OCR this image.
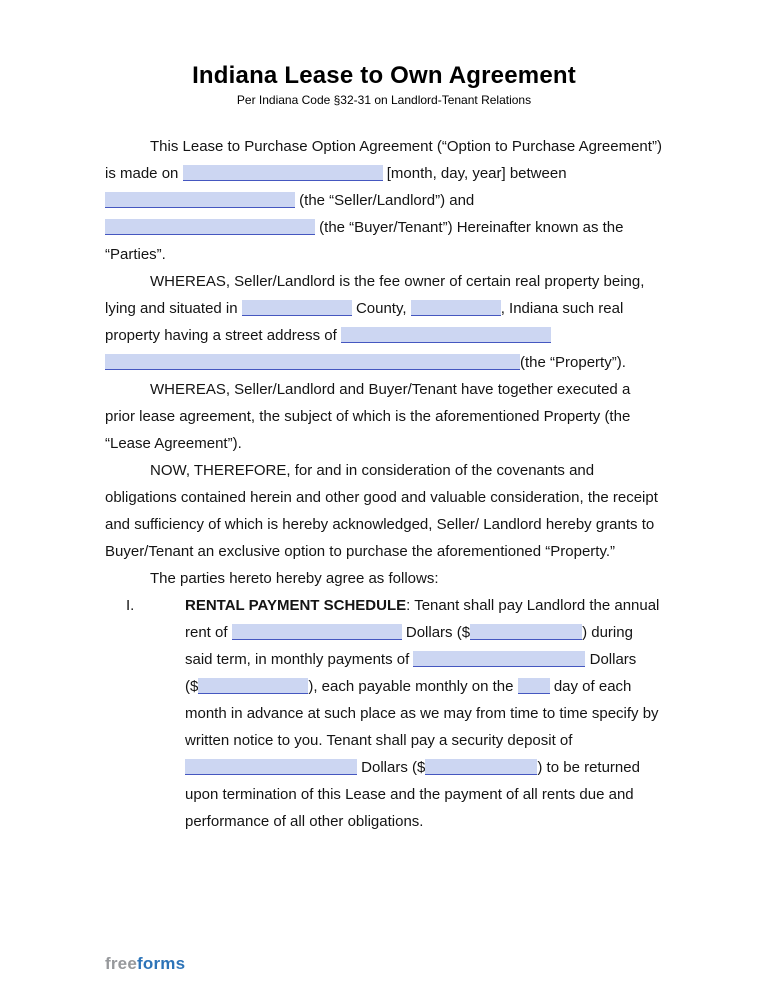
Indiana Lease to Own Agreement
Per Indiana Code §32-31 on Landlord-Tenant Relations

This Lease to Purchase Option Agreement (“Option to Purchase Agreement”) is made on	[month, day, year] between  (the “Seller/Landlord”) and  (the “Buyer/Tenant”) Hereinafter known as the “Parties”.

WHEREAS, Seller/Landlord is the fee owner of certain real property being, lying and situated in	County,	, Indiana such real property having a street address of  (the “Property”).

WHEREAS, Seller/Landlord and Buyer/Tenant have together executed a prior lease agreement, the subject of which is the aforementioned Property (the “Lease Agreement”).

NOW, THEREFORE, for and in consideration of the covenants and obligations contained herein and other good and valuable consideration, the receipt and sufficiency of which is hereby acknowledged, Seller/ Landlord hereby grants to Buyer/Tenant an exclusive option to purchase the aforementioned “Property.”

The parties hereto hereby agree as follows:

I.	RENTAL PAYMENT SCHEDULE: Tenant shall pay Landlord the annual rent of	Dollars ($	) during said term, in monthly payments of	Dollars ($	), each payable monthly on the	day of each month in advance at such place as we may from time to time specify by written notice to you. Tenant shall pay a security deposit of  Dollars ($	) to be returned upon termination of this Lease and the payment of all rents due and performance of all other obligations.
freeforms
